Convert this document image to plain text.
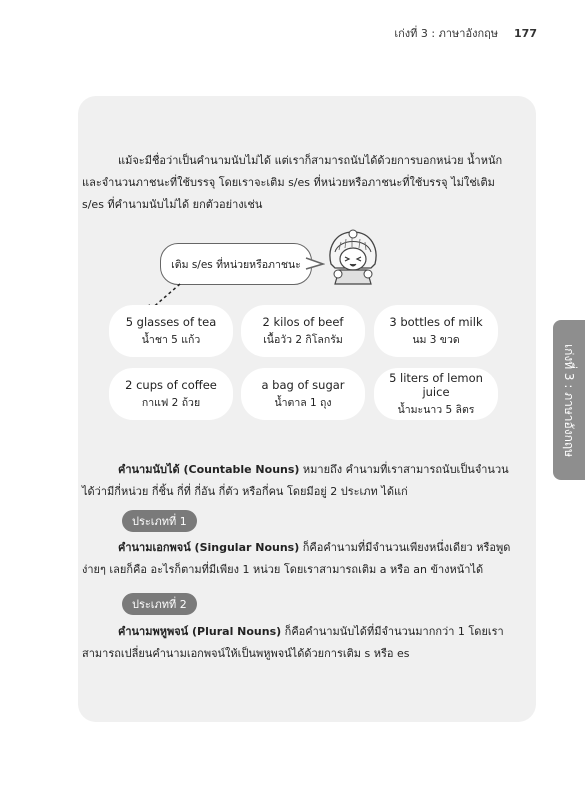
เก่งที่ 3 : ภาษาอังกฤษ 177
เก่งที่ 3 : ภาษาอังกฤษ

แม้จะมีชื่อว่าเป็นคำนามนับไม่ได้ แต่เราก็สามารถนับได้ด้วยการบอกหน่วย น้ำหนักและจำนวนภาชนะที่ใช้บรรจุ โดยเราจะเติม s/es ที่หน่วยหรือภาชนะที่ใช้บรรจุ ไม่ใช่เติม s/es ที่คำนามนับไม่ได้ ยกตัวอย่างเช่น

เติม s/es ที่หน่วยหรือภาชนะ
5 glasses of tea
น้ำชา 5 แก้ว
2 kilos of beef
เนื้อวัว 2 กิโลกรัม
3 bottles of milk
นม 3 ขวด
2 cups of coffee
กาแฟ 2 ถ้วย
a bag of sugar
น้ำตาล 1 ถุง
5 liters of lemon juice
น้ำมะนาว 5 ลิตร

คำนามนับได้ (Countable Nouns) หมายถึง คำนามที่เราสามารถนับเป็นจำนวนได้ว่ามีกี่หน่วย กี่ชิ้น กี่ที่ กี่อัน กี่ตัว หรือกี่คน โดยมีอยู่ 2 ประเภท ได้แก่

ประเภทที่ 1

คำนามเอกพจน์ (Singular Nouns) ก็คือคำนามที่มีจำนวนเพียงหนึ่งเดียว หรือพูดง่ายๆ เลยก็คือ อะไรก็ตามที่มีเพียง 1 หน่วย โดยเราสามารถเติม a หรือ an ข้างหน้าได้

ประเภทที่ 2

คำนามพหูพจน์ (Plural Nouns) ก็คือคำนามนับได้ที่มีจำนวนมากกว่า 1 โดยเราสามารถเปลี่ยนคำนามเอกพจน์ให้เป็นพหูพจน์ได้ด้วยการเติม s หรือ es
